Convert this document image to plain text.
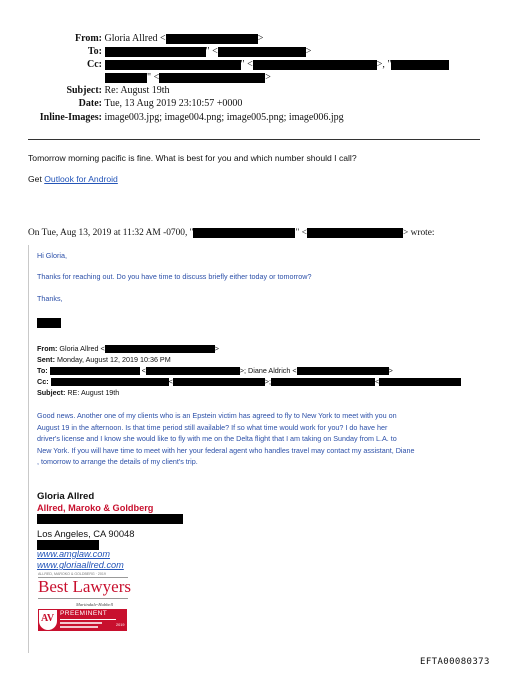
From: Gloria Allred <	>
To:	" <	>
Cc:	" <	>, "
" <	>
Subject: Re: August 19th
Date: Tue, 13 Aug 2019 23:10:57 +0000
Inline-Images: image003.jpg; image004.png; image005.png; image006.jpg
Tomorrow morning pacific is fine. What is best for you and which number should I call?
Get Outlook for Android
On Tue, Aug 13, 2019 at 11:32 AM -0700, "	" <	> wrote:
Hi Gloria,
Thanks for reaching out. Do you have time to discuss briefly either today or tomorrow?
Thanks,
From: Gloria Allred <	>
Sent: Monday, August 12, 2019 10:36 PM
To:	<	>; Diane Aldrich <	>
Cc:	<	>;	<
Subject: RE: August 19th
Good news. Another one of my clients who is an Epstein victim has agreed to fly to New York to meet with you on
August 19 in the afternoon. Is that time period still available? If so what time would work for you? I do have her
driver's license and I know she would like to fly with me on the Delta flight that I am taking on Sunday from L.A. to
New York. If you will have time to meet with her your federal agent who handles travel may contact my assistant, Diane
, tomorrow to arrange the details of my client's trip.
Gloria Allred
Allred, Maroko & Goldberg
Los Angeles, CA 90048
www.amglaw.com
www.gloriaallred.com
ALLRED, MAROKO & GOLDBERG · 2019
Best Lawyers
Martindale-Hubbell
AV PREEMINENT
2019
EFTA00080373
